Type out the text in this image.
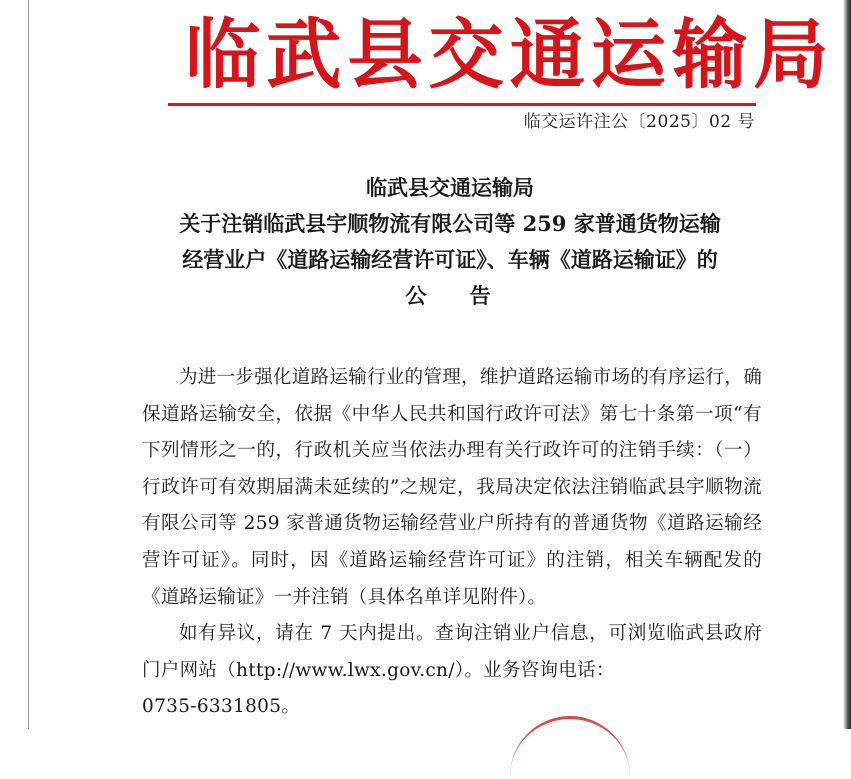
临武县交通运输局
临交运许注公〔2025〕02 号
临武县交通运输局
关于注销临武县宇顺物流有限公司等 259 家普通货物运输
经营业户《道路运输经营许可证》、车辆《道路运输证》的
公 告

为进一步强化道路运输行业的管理，维护道路运输市场的有序运行，确保道路运输安全，依据《中华人民共和国行政许可法》第七十条第一项“有下列情形之一的，行政机关应当依法办理有关行政许可的注销手续：（一）行政许可有效期届满未延续的”之规定，我局决定依法注销临武县宇顺物流有限公司等 259 家普通货物运输经营业户所持有的普通货物《道路运输经营许可证》。同时，因《道路运输经营许可证》的注销，相关车辆配发的《道路运输证》一并注销（具体名单详见附件）。

如有异议，请在 7 天内提出。查询注销业户信息，可浏览临武县政府门户网站（http://www.lwx.gov.cn/）。业务咨询电话：

0735-6331805。
